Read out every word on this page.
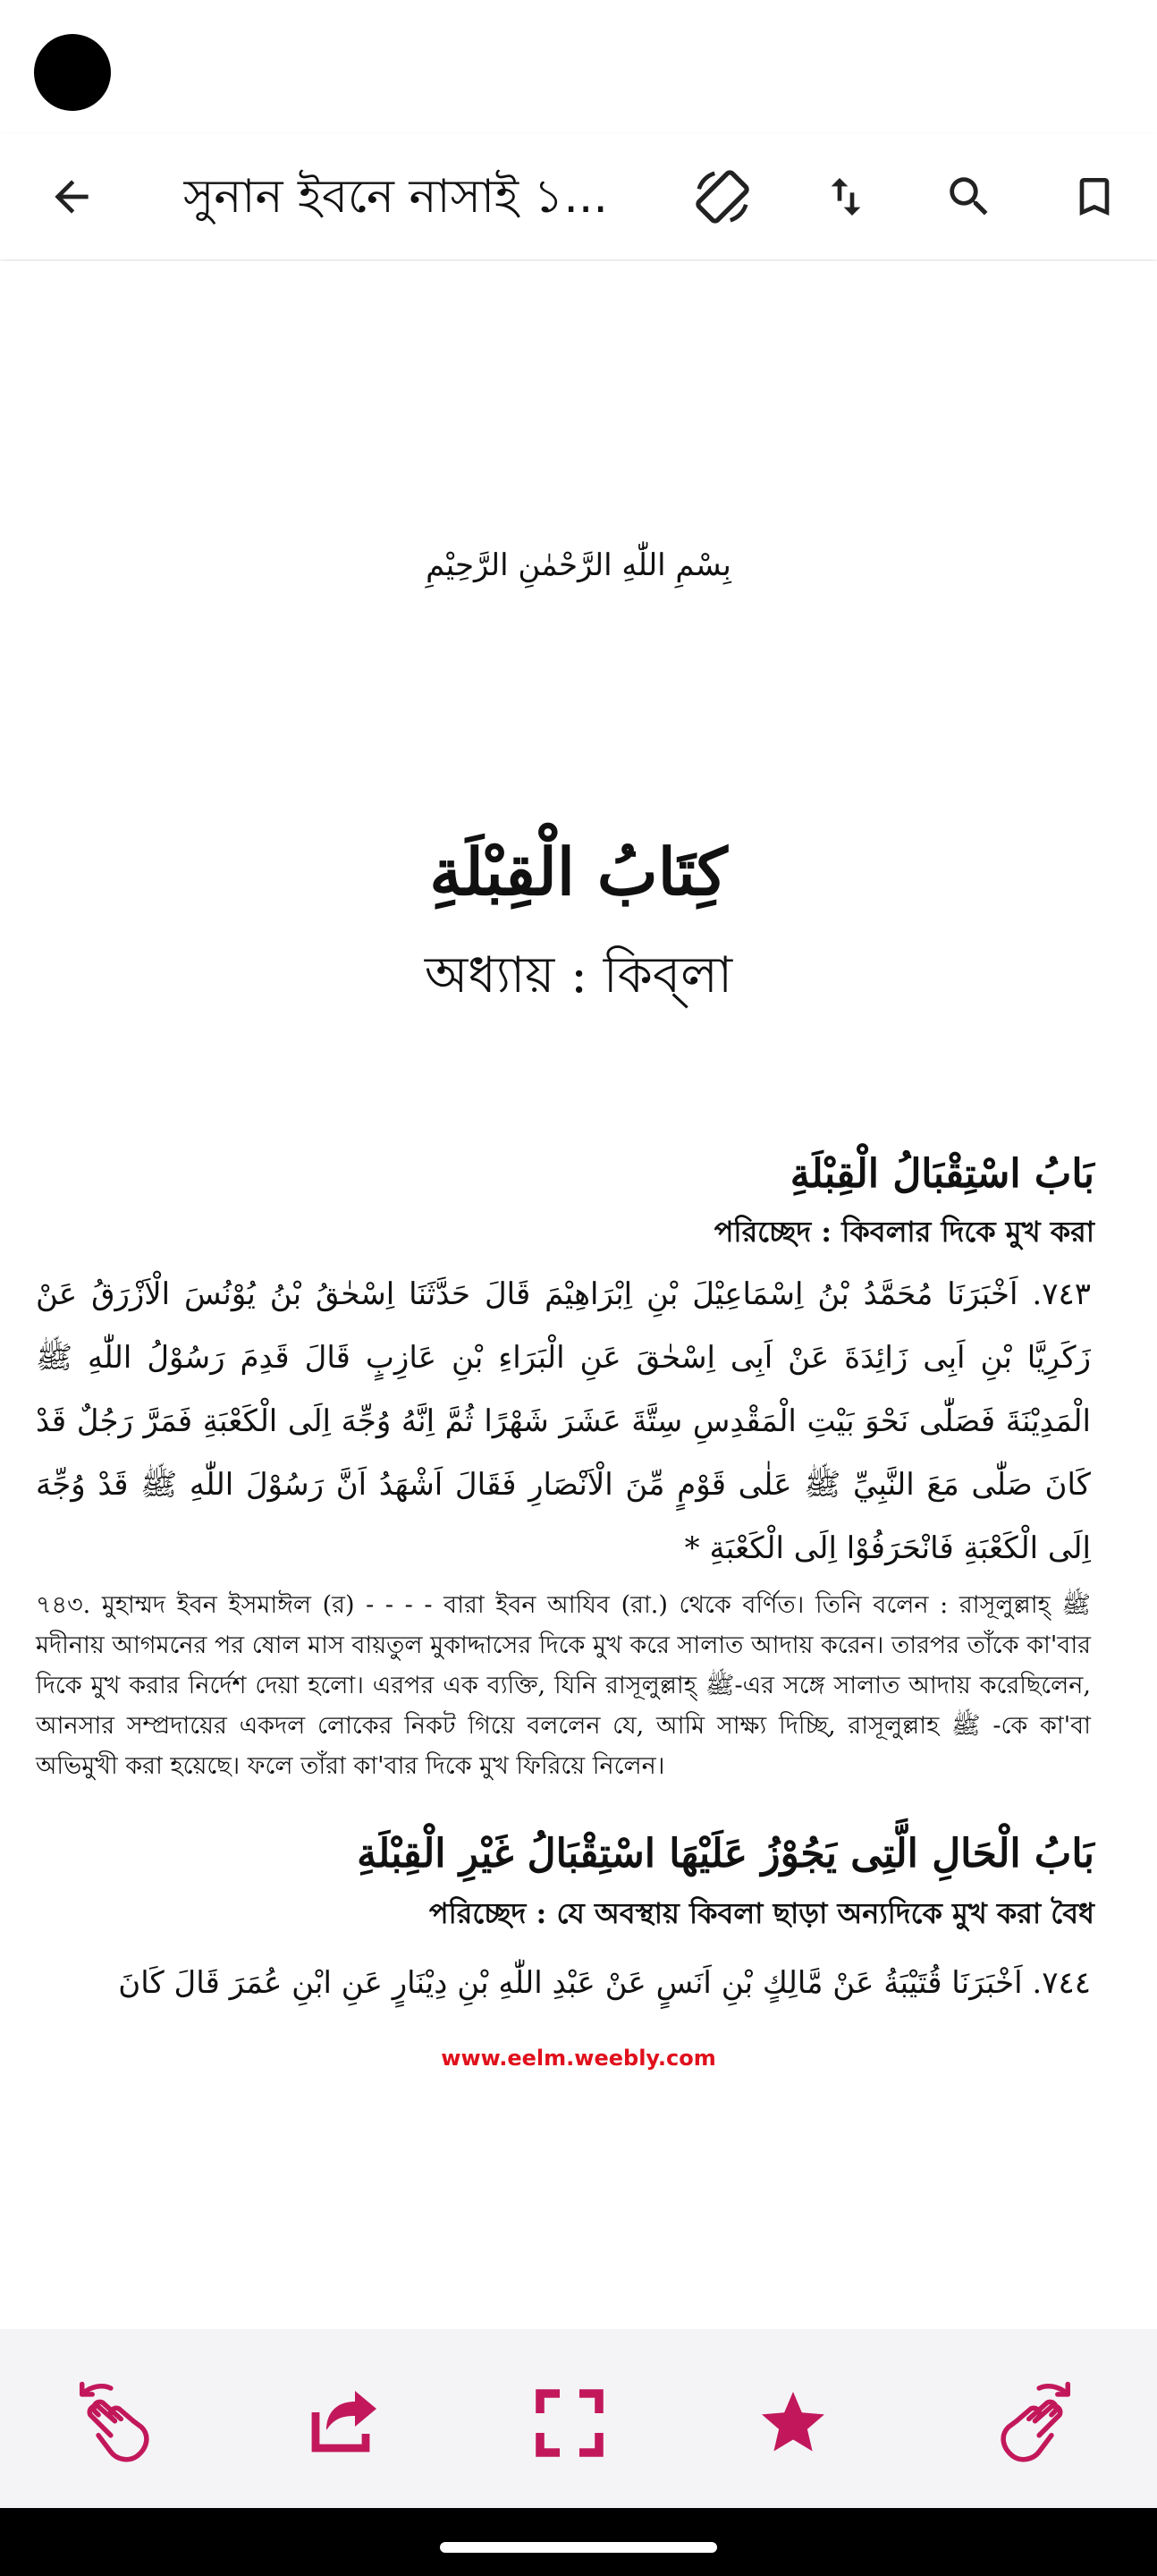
সুনান ইবনে নাসাই ১...
بِسْمِ اللّٰهِ الرَّحْمٰنِ الرَّحِيْمِ
كِتَابُ الْقِبْلَةِ
অধ্যায় : কিব্‌লা
بَابُ اسْتِقْبَالُ الْقِبْلَةِ
পরিচ্ছেদ : কিবলার দিকে মুখ করা
٧٤٣. اَخْبَرَنَا مُحَمَّدُ بْنُ اِسْمَاعِيْلَ بْنِ اِبْرَاهِيْمَ قَالَ حَدَّثَنَا اِسْحٰقُ بْنُ يُوْنُسَ الْاَزْرَقُ عَنْ زَكَرِيَّا بْنِ اَبِى زَائِدَةَ عَنْ اَبِى اِسْحٰقَ عَنِ الْبَرَاءِ بْنِ عَازِبٍ قَالَ قَدِمَ رَسُوْلُ اللّٰهِ ﷺ الْمَدِيْنَةَ فَصَلّٰى نَحْوَ بَيْتِ الْمَقْدِسِ سِتَّةَ عَشَرَ شَهْرًا ثُمَّ اِنَّهُ وُجِّهَ اِلَى الْكَعْبَةِ فَمَرَّ رَجُلٌ قَدْ كَانَ صَلّٰى مَعَ النَّبِيِّ ﷺ عَلٰى قَوْمٍ مِّنَ الْاَنْصَارِ فَقَالَ اَشْهَدُ اَنَّ رَسُوْلَ اللّٰهِ ﷺ قَدْ وُجِّهَ اِلَى الْكَعْبَةِ فَانْحَرَفُوْا اِلَى الْكَعْبَةِ *
৭৪৩. মুহাম্মদ ইবন ইসমাঈল (র) - - - - বারা ইবন আযিব (রা.) থেকে বর্ণিত। তিনি বলেন : রাসূলুল্লাহ্ ﷺ মদীনায় আগমনের পর ষোল মাস বায়তুল মুকাদ্দাসের দিকে মুখ করে সালাত আদায় করেন। তারপর তাঁকে কা'বার দিকে মুখ করার নির্দেশ দেয়া হলো। এরপর এক ব্যক্তি, যিনি রাসূলুল্লাহ্ ﷺ-এর সঙ্গে সালাত আদায় করেছিলেন, আনসার সম্প্রদায়ের একদল লোকের নিকট গিয়ে বললেন যে, আমি সাক্ষ্য দিচ্ছি, রাসূলুল্লাহ ﷺ -কে কা'বা অভিমুখী করা হয়েছে। ফলে তাঁরা কা'বার দিকে মুখ ফিরিয়ে নিলেন।
بَابُ الْحَالِ الَّتِى يَجُوْزُ عَلَيْهَا اسْتِقْبَالُ غَيْرِ الْقِبْلَةِ
পরিচ্ছেদ : যে অবস্থায় কিবলা ছাড়া অন্যদিকে মুখ করা বৈধ
٧٤٤. اَخْبَرَنَا قُتَيْبَةُ عَنْ مَّالِكٍ بْنِ اَنَسٍ عَنْ عَبْدِ اللّٰهِ بْنِ دِيْنَارٍ عَنِ ابْنِ عُمَرَ قَالَ كَانَ
www.eelm.weebly.com
